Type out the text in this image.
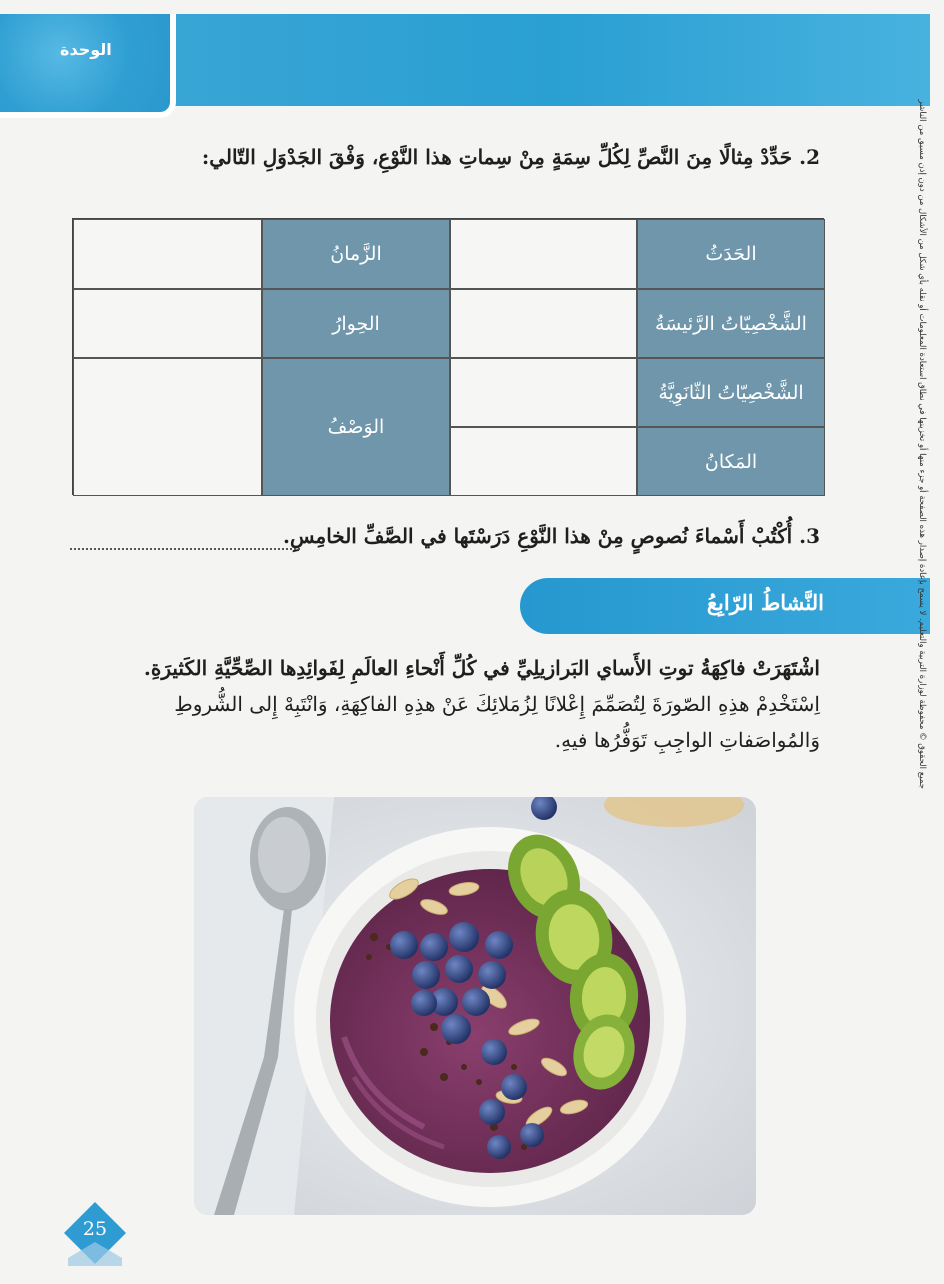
الوحدة
2. حَدِّدْ مِثالًا مِنَ النَّصِّ لِكُلِّ سِمَةٍ مِنْ سِماتِ هذا النَّوْعِ، وَفْقَ الجَدْوَلِ التّالي:
الحَدَثُ
الشَّخْصِيّاتُ الرَّئيسَةُ
الشَّخْصِيّاتُ الثّانَوِيَّةُ
المَكانُ
الزَّمانُ
الحِوارُ
الوَصْفُ
3. أُكْتُبْ أَسْماءَ نُصوصٍ مِنْ هذا النَّوْعِ دَرَسْتَها في الصَّفِّ الخامِسِ.
النَّشاطُ الرّابِعُ
اشْتَهَرَتْ فاكِهَةُ توتِ الأَساي البَرازيلِيِّ في كُلِّ أَنْحاءِ العالَمِ لِفَوائِدِها الصِّحِّيَّةِ الكَثيرَةِ.
اِسْتَخْدِمْ هذِهِ الصّورَةَ لِتُصَمِّمَ إِعْلانًا لِزُمَلائِكَ عَنْ هذِهِ الفاكِهَةِ، وَانْتَبِهْ إِلى الشُّروطِ
وَالمُواصَفاتِ الواجِبِ تَوَفُّرُها فيهِ.	جميع الحقوق © محفوظة لوزارة التربية والتعليم. لا يسمح بإعادة إصدار هذه الصفحة أو جزء منها أو تخزينها في نطاق استعادة المعلومات أو نقله بأي شكل من الأشكال من دون إذن مسبق من الناشر
25
